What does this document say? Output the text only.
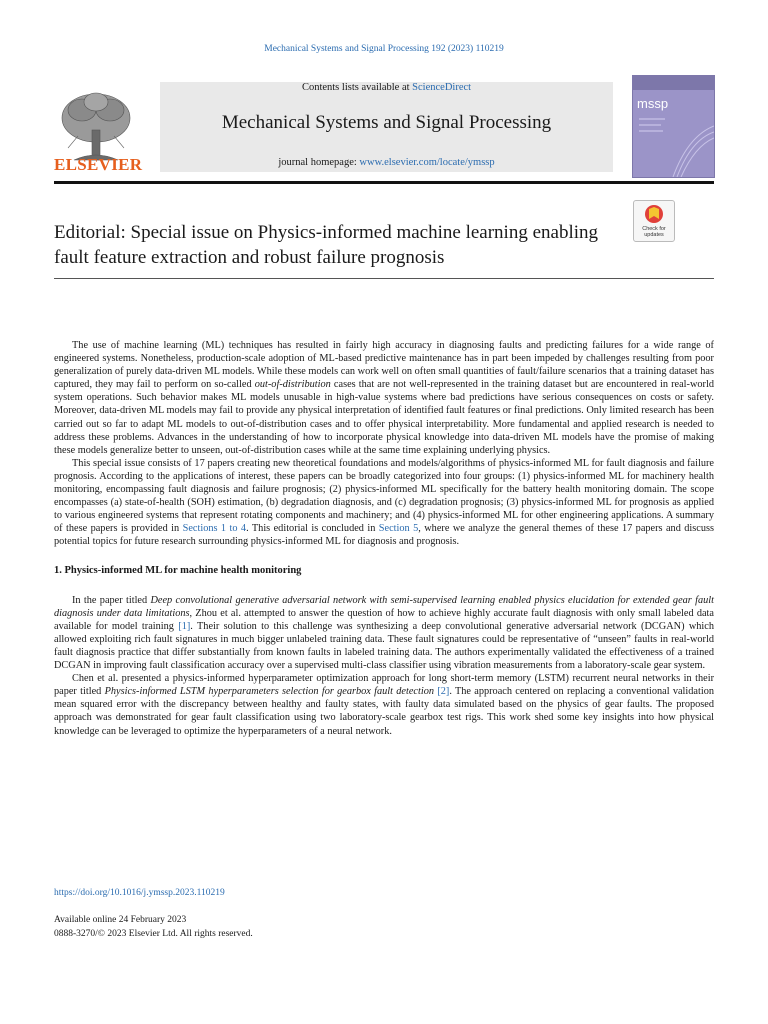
Mechanical Systems and Signal Processing 192 (2023) 110219
ELSEVIER
Contents lists available at ScienceDirect
Mechanical Systems and Signal Processing
journal homepage: www.elsevier.com/locate/ymssp
mssp
Check for updates
Editorial: Special issue on Physics-informed machine learning enabling fault feature extraction and robust failure prognosis

The use of machine learning (ML) techniques has resulted in fairly high accuracy in diagnosing faults and predicting failures for a wide range of engineered systems. Nonetheless, production-scale adoption of ML-based predictive maintenance has in part been impeded by challenges resulting from poor generalization of purely data-driven ML models. While these models can work well on often small quantities of fault/failure scenarios that a training dataset has captured, they may fail to perform on so-called out-of-distribution cases that are not well-represented in the training dataset but are encountered in real-world system operations. Such behavior makes ML models unusable in high-value systems where bad predictions have serious consequences on costs or safety. Moreover, data-driven ML models may fail to provide any physical interpretation of identified fault features or final predictions. Only limited research has been carried out so far to adapt ML models to out-of-distribution cases and to offer physical interpretability. More fundamental and applied research is needed to address these problems. Advances in the understanding of how to incorporate physical knowledge into data-driven ML models have the promise of making these models generalize better to unseen, out-of-distribution cases while at the same time explaining underlying physics.

This special issue consists of 17 papers creating new theoretical foundations and models/algorithms of physics-informed ML for fault diagnosis and failure prognosis. According to the applications of interest, these papers can be broadly categorized into four groups: (1) physics-informed ML for machinery health monitoring, encompassing fault diagnosis and failure prognosis; (2) physics-informed ML specifically for the battery health monitoring domain. The scope encompasses (a) state-of-health (SOH) estimation, (b) degradation diagnosis, and (c) degradation prognosis; (3) physics-informed ML for prognosis as applied to various engineered systems that represent rotating components and machinery; and (4) physics-informed ML for other engineering applications. A summary of these papers is provided in Sections 1 to 4. This editorial is concluded in Section 5, where we analyze the general themes of these 17 papers and discuss potential topics for future research surrounding physics-informed ML for diagnosis and prognosis.

1. Physics-informed ML for machine health monitoring

In the paper titled Deep convolutional generative adversarial network with semi-supervised learning enabled physics elucidation for extended gear fault diagnosis under data limitations, Zhou et al. attempted to answer the question of how to achieve highly accurate fault diagnosis with only small labeled data available for model training [1]. Their solution to this challenge was synthesizing a deep convolutional generative adversarial network (DCGAN) which allowed exploiting rich fault signatures in much bigger unlabeled training data. These fault signatures could be representative of “unseen” faults in real-world fault diagnosis practice that differ substantially from known faults in labeled training data. The authors experimentally validated the effectiveness of a trained DCGAN in improving fault classification accuracy over a supervised multi-class classifier using vibration measurements from a laboratory-scale gear system.

Chen et al. presented a physics-informed hyperparameter optimization approach for long short-term memory (LSTM) recurrent neural networks in their paper titled Physics-informed LSTM hyperparameters selection for gearbox fault detection [2]. The approach centered on replacing a conventional validation mean squared error with the discrepancy between healthy and faulty states, with faulty data simulated based on the physics of gear faults. The proposed approach was demonstrated for gear fault classification using two laboratory-scale gearbox test rigs. This work shed some key insights into how physical knowledge can be leveraged to optimize the hyperparameters of a neural network.

https://doi.org/10.1016/j.ymssp.2023.110219
Available online 24 February 2023
0888-3270/© 2023 Elsevier Ltd. All rights reserved.
